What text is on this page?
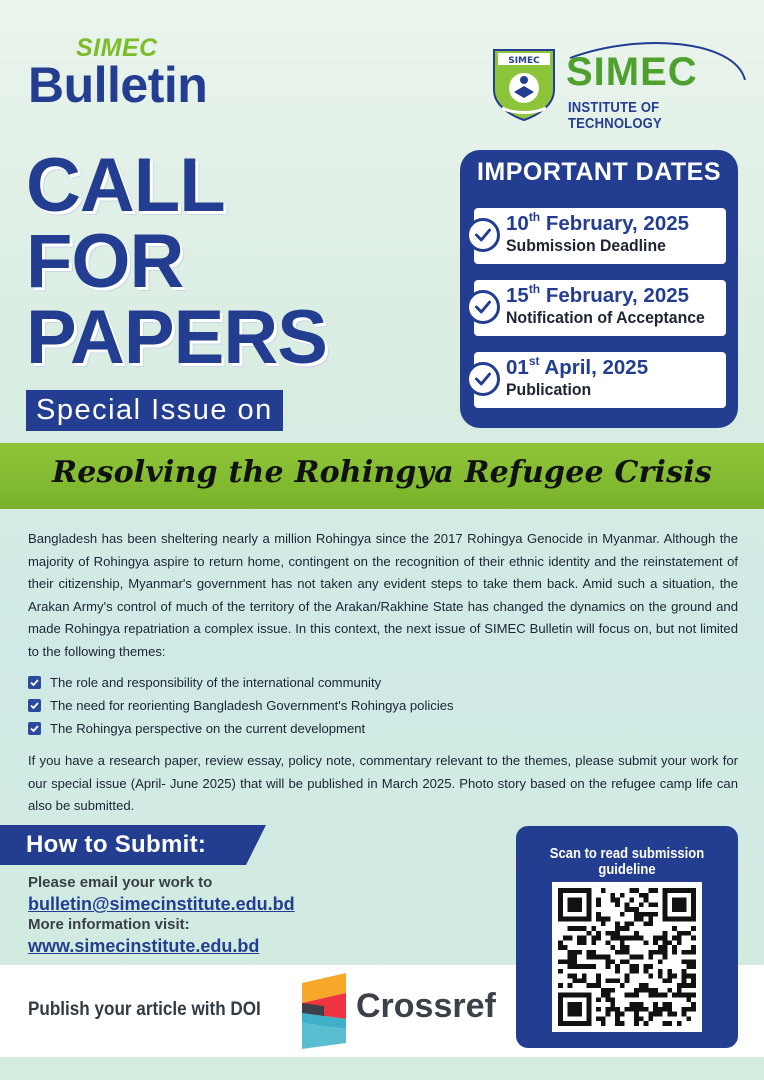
SIMEC
Bulletin	SIMEC SIMEC
INSTITUTE OF TECHNOLOGY
CALL
FOR
PAPERS
Special Issue on
IMPORTANT DATES
10th February, 2025
Submission Deadline
15th February, 2025
Notification of Acceptance
01st April, 2025
Publication
Resolving the Rohingya Refugee Crisis

Bangladesh has been sheltering nearly a million Rohingya since the 2017 Rohingya Genocide in Myanmar. Although the majority of Rohingya aspire to return home, contingent on the recognition of their ethnic identity and the reinstatement of their citizenship, Myanmar's government has not taken any evident steps to take them back. Amid such a situation, the Arakan Army's control of much of the territory of the Arakan/Rakhine State has changed the dynamics on the ground and made Rohingya repatriation a complex issue. In this context, the next issue of SIMEC Bulletin will focus on, but not limited to the following themes:

The role and responsibility of the international community
The need for reorienting Bangladesh Government's Rohingya policies
The Rohingya perspective on the current development

If you have a research paper, review essay, policy note, commentary relevant to the themes, please submit your work for our special issue (April- June 2025) that will be published in March 2025. Photo story based on the refugee camp life can also be submitted.

How to Submit:
Please email your work to
bulletin@simecinstitute.edu.bd
More information visit:
www.simecinstitute.edu.bd
Publish your article with DOI	Crossref
Scan to read submission guideline
